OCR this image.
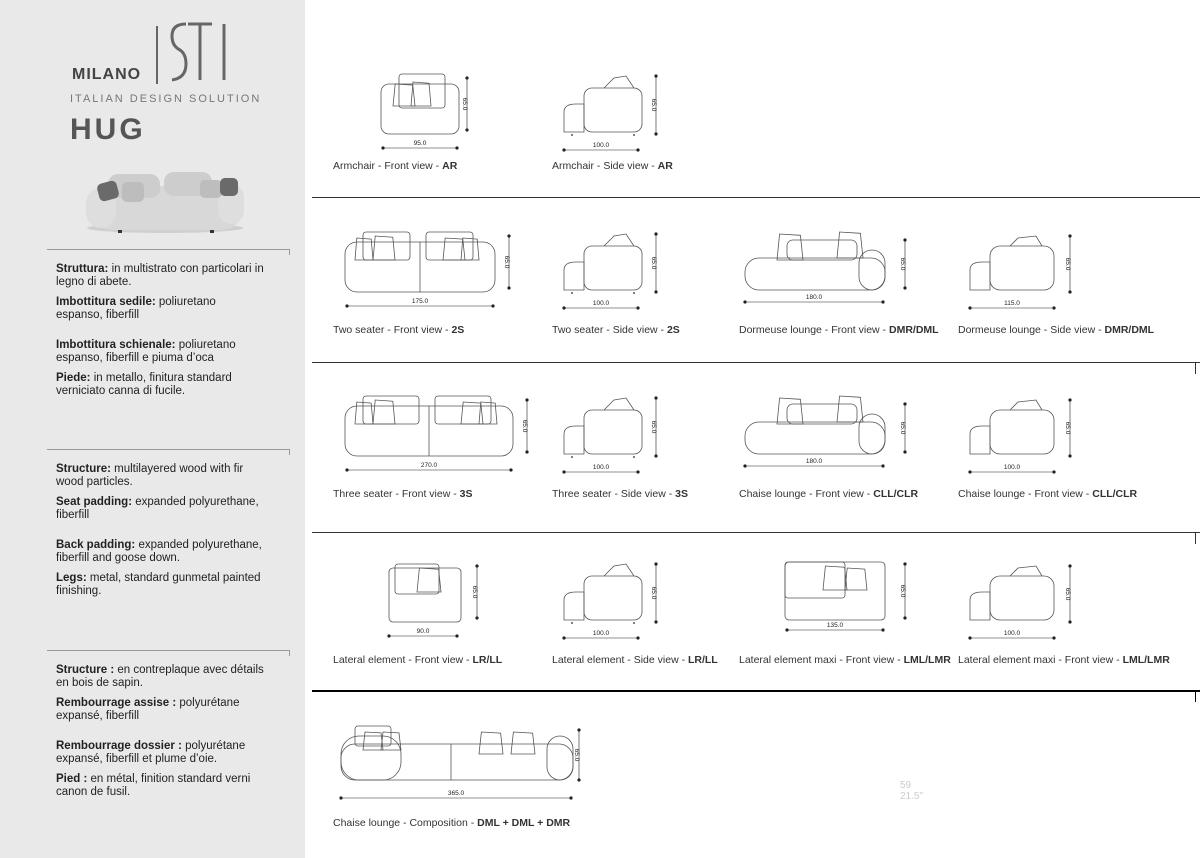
MILANO
ITALIAN DESIGN SOLUTION
HUG

Struttura: in multistrato con particolari in

legno di abete.

Imbottitura sedile: poliuretano

espanso, fiberfill

Imbottitura schienale: poliuretano

espanso, fiberfill e piuma d’oca

Piede: in metallo, finitura standard

verniciato canna di fucile.

Structure: multilayered wood with fir

wood particles.

Seat padding: expanded polyurethane,

fiberfill

Back padding: expanded polyurethane,

fiberfill and goose down.

Legs: metal, standard gunmetal painted

finishing.

Structure : en contreplaque avec détails

en bois de sapin.

Rembourrage assise : polyurétane

expansé, fiberfill

Rembourrage dossier : polyurétane

expansé, fiberfill et plume d’oie.

Pied : en métal, finition standard verni

canon de fusil.

95.0
65.0
Armchair - Front view - AR
100.0
65.0
Armchair - Side view - AR
175.0
65.0
Two seater - Front view - 2S
100.0
65.0
Two seater - Side view - 2S
180.0
65.0
Dormeuse lounge - Front view - DMR/DML
115.0
65.0
Dormeuse lounge - Side view - DMR/DML
270.0
65.0
Three seater - Front view - 3S
100.0
65.0
Three seater - Side view - 3S
180.0
65.0
Chaise lounge - Front view - CLL/CLR
100.0
65.0
Chaise lounge - Front view - CLL/CLR
90.0
65.0
Lateral element - Front view - LR/LL
100.0
65.0
Lateral element - Side view - LR/LL
135.0
65.0
Lateral element maxi - Front view - LML/LMR
100.0
65.0
Lateral element maxi - Front view - LML/LMR
365.0
65.0
Chaise lounge - Composition - DML + DML + DMR
59
21.5"
